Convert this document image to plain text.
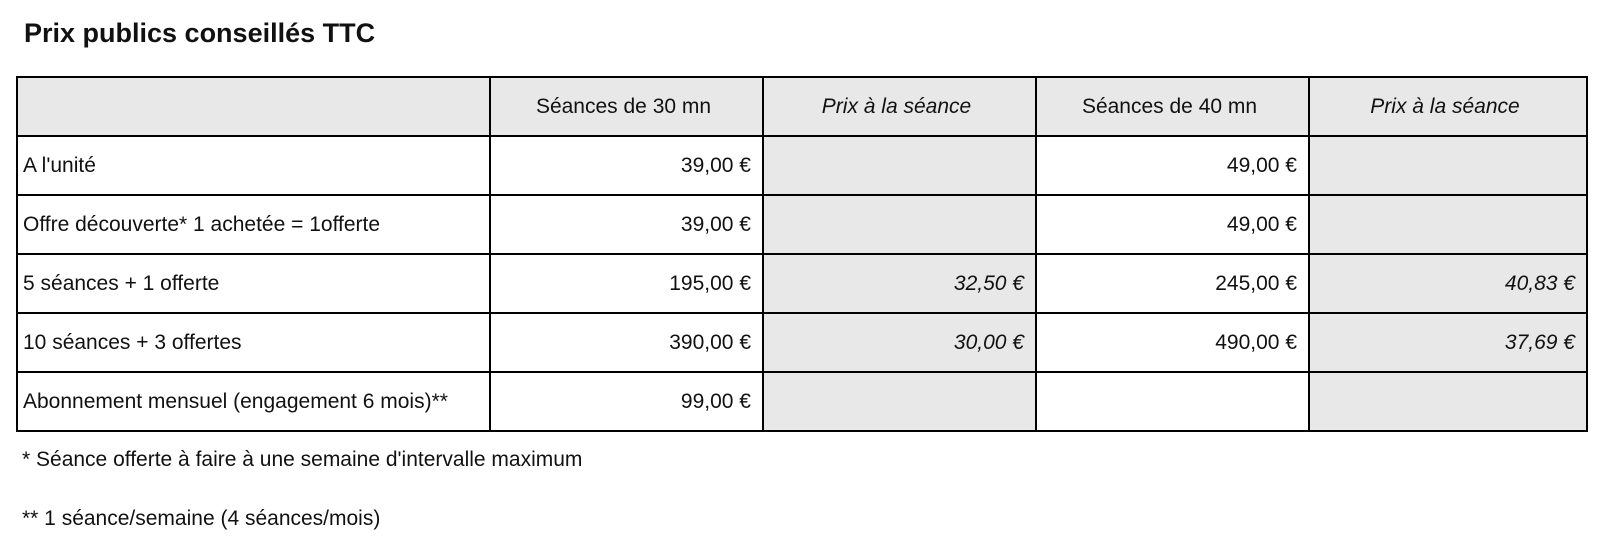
Prix publics conseillés TTC
	Séances de 30 mn	Prix à la séance	Séances de 40 mn	Prix à la séance
A l'unité	39,00 €		49,00 €	
Offre découverte* 1 achetée = 1offerte	39,00 €		49,00 €	
5 séances + 1 offerte	195,00 €	32,50 €	245,00 €	40,83 €
10 séances + 3 offertes	390,00 €	30,00 €	490,00 €	37,69 €
Abonnement mensuel (engagement 6 mois)**	99,00 €			

* Séance offerte à faire à une semaine d'intervalle maximum

** 1 séance/semaine (4 séances/mois)
